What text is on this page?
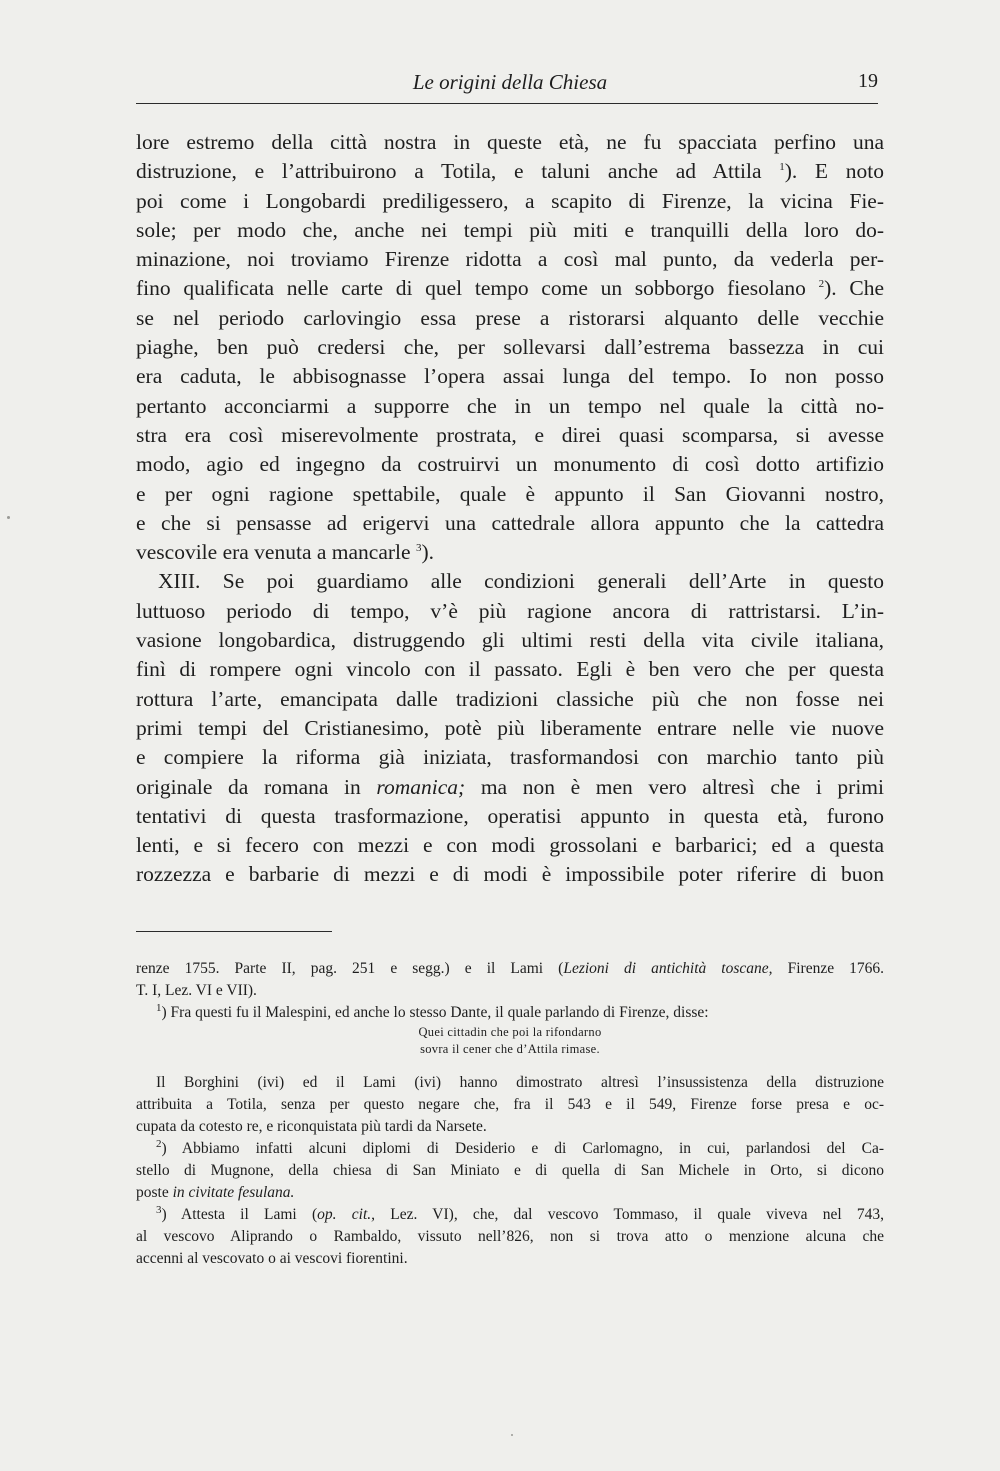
Le origini della Chiesa	19
lore estremo della città nostra in queste età, ne fu spacciata perfino una
distruzione, e l’attribuirono a Totila, e taluni anche ad Attila $^1$). E noto
poi come i Longobardi prediligessero, a scapito di Firenze, la vicina Fie-
sole; per modo che, anche nei tempi più miti e tranquilli della loro do-
minazione, noi troviamo Firenze ridotta a così mal punto, da vederla per-
fino qualificata nelle carte di quel tempo come un sobborgo fiesolano $^2$). Che
se nel periodo carlovingio essa prese a ristorarsi alquanto delle vecchie
piaghe, ben può credersi che, per sollevarsi dall’estrema bassezza in cui
era caduta, le abbisognasse l’opera assai lunga del tempo. Io non posso
pertanto acconciarmi a supporre che in un tempo nel quale la città no-
stra era così miserevolmente prostrata, e direi quasi scomparsa, si avesse
modo, agio ed ingegno da costruirvi un monumento di così dotto artifizio
e per ogni ragione spettabile, quale è appunto il San Giovanni nostro,
e che si pensasse ad erigervi una cattedrale allora appunto che la cattedra
vescovile era venuta a mancarle $^3$).
XIII. Se poi guardiamo alle condizioni generali dell’Arte in questo
luttuoso periodo di tempo, v’è più ragione ancora di rattristarsi. L’in-
vasione longobardica, distruggendo gli ultimi resti della vita civile italiana,
finì di rompere ogni vincolo con il passato. Egli è ben vero che per questa
rottura l’arte, emancipata dalle tradizioni classiche più che non fosse nei
primi tempi del Cristianesimo, potè più liberamente entrare nelle vie nuove
e compiere la riforma già iniziata, trasformandosi con marchio tanto più
originale da romana in romanica; ma non è men vero altresì che i primi
tentativi di questa trasformazione, operatisi appunto in questa età, furono
lenti, e si fecero con mezzi e con modi grossolani e barbarici; ed a questa
rozzezza e barbarie di mezzi e di modi è impossibile poter riferire di buon
renze 1755. Parte II, pag. 251 e segg.) e il Lami (Lezioni di antichità toscane, Firenze 1766.
T. I, Lez. VI e VII).
$^1$) Fra questi fu il Malespini, ed anche lo stesso Dante, il quale parlando di Firenze, disse:
Quei cittadin che poi la rifondarno
sovra il cener che d’Attila rimase.
Il Borghini (ivi) ed il Lami (ivi) hanno dimostrato altresì l’insussistenza della distruzione
attribuita a Totila, senza per questo negare che, fra il 543 e il 549, Firenze forse presa e oc-
cupata da cotesto re, e riconquistata più tardi da Narsete.
$^2$) Abbiamo infatti alcuni diplomi di Desiderio e di Carlomagno, in cui, parlandosi del Ca-
stello di Mugnone, della chiesa di San Miniato e di quella di San Michele in Orto, si dicono
poste in civitate fesulana.
$^3$) Attesta il Lami (op. cit., Lez. VI), che, dal vescovo Tommaso, il quale viveva nel 743,
al vescovo Aliprando o Rambaldo, vissuto nell’826, non si trova atto o menzione alcuna che
accenni al vescovato o ai vescovi fiorentini.
